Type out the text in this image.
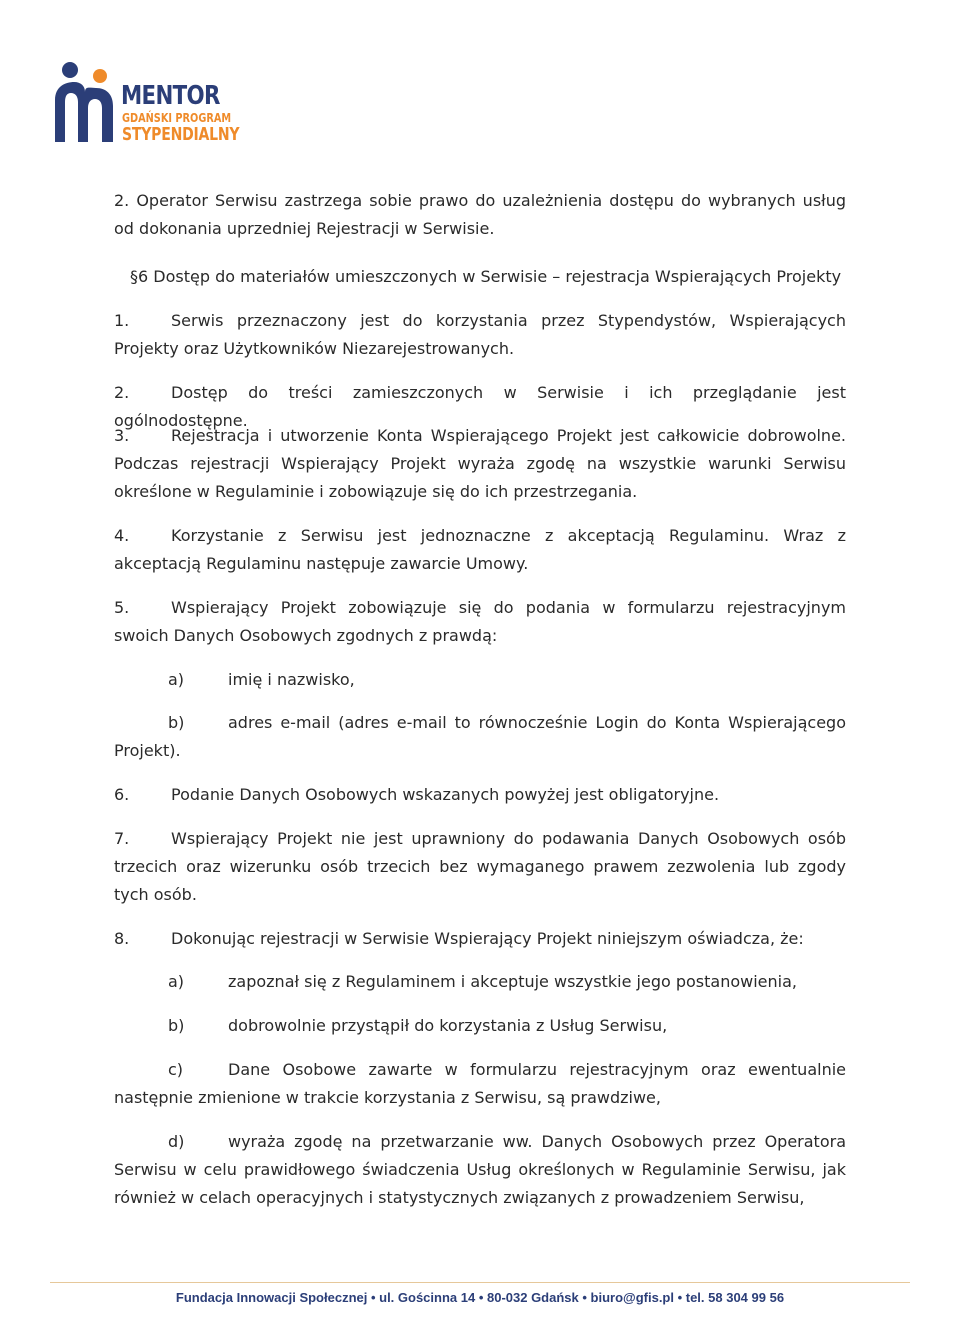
MENTOR
GDAŃSKI PROGRAM
STYPENDIALNY

2. Operator Serwisu zastrzega sobie prawo do uzależnienia dostępu do wybranych usług od dokonania uprzedniej Rejestracji w Serwisie.

§6 Dostęp do materiałów umieszczonych w Serwisie – rejestracja Wspierających Projekty

1.	Serwis przeznaczony jest do korzystania przez Stypendystów, Wspierających Projekty oraz Użytkowników Niezarejestrowanych.

2.	Dostęp do treści zamieszczonych w Serwisie i ich przeglądanie jest ogólnodostępne.

3.	Rejestracja i utworzenie Konta Wspierającego Projekt jest całkowicie dobrowolne. Podczas rejestracji Wspierający Projekt wyraża zgodę na wszystkie warunki Serwisu określone w Regulaminie i zobowiązuje się do ich przestrzegania.

4.	Korzystanie z Serwisu jest jednoznaczne z akceptacją Regulaminu. Wraz z akceptacją Regulaminu następuje zawarcie Umowy.

5.	Wspierający Projekt zobowiązuje się do podania w formularzu rejestracyjnym swoich Danych Osobowych zgodnych z prawdą:

a)	imię i nazwisko,

b)	adres e-mail (adres e-mail to równocześnie Login do Konta Wspierającego Projekt).

6.	Podanie Danych Osobowych wskazanych powyżej jest obligatoryjne.

7.	Wspierający Projekt nie jest uprawniony do podawania Danych Osobowych osób trzecich oraz wizerunku osób trzecich bez wymaganego prawem zezwolenia lub zgody tych osób.

8.	Dokonując rejestracji w Serwisie Wspierający Projekt niniejszym oświadcza, że:

a)	zapoznał się z Regulaminem i akceptuje wszystkie jego postanowienia,

b)	dobrowolnie przystąpił do korzystania z Usług Serwisu,

c)	Dane Osobowe zawarte w formularzu rejestracyjnym oraz ewentualnie następnie zmienione w trakcie korzystania z Serwisu, są prawdziwe,

d)	wyraża zgodę na przetwarzanie ww. Danych Osobowych przez Operatora Serwisu w celu prawidłowego świadczenia Usług określonych w Regulaminie Serwisu, jak również w celach operacyjnych i statystycznych związanych z prowadzeniem Serwisu,

Fundacja Innowacji Społecznej • ul. Gościnna 14 • 80-032 Gdańsk • biuro@gfis.pl • tel. 58 304 99 56
